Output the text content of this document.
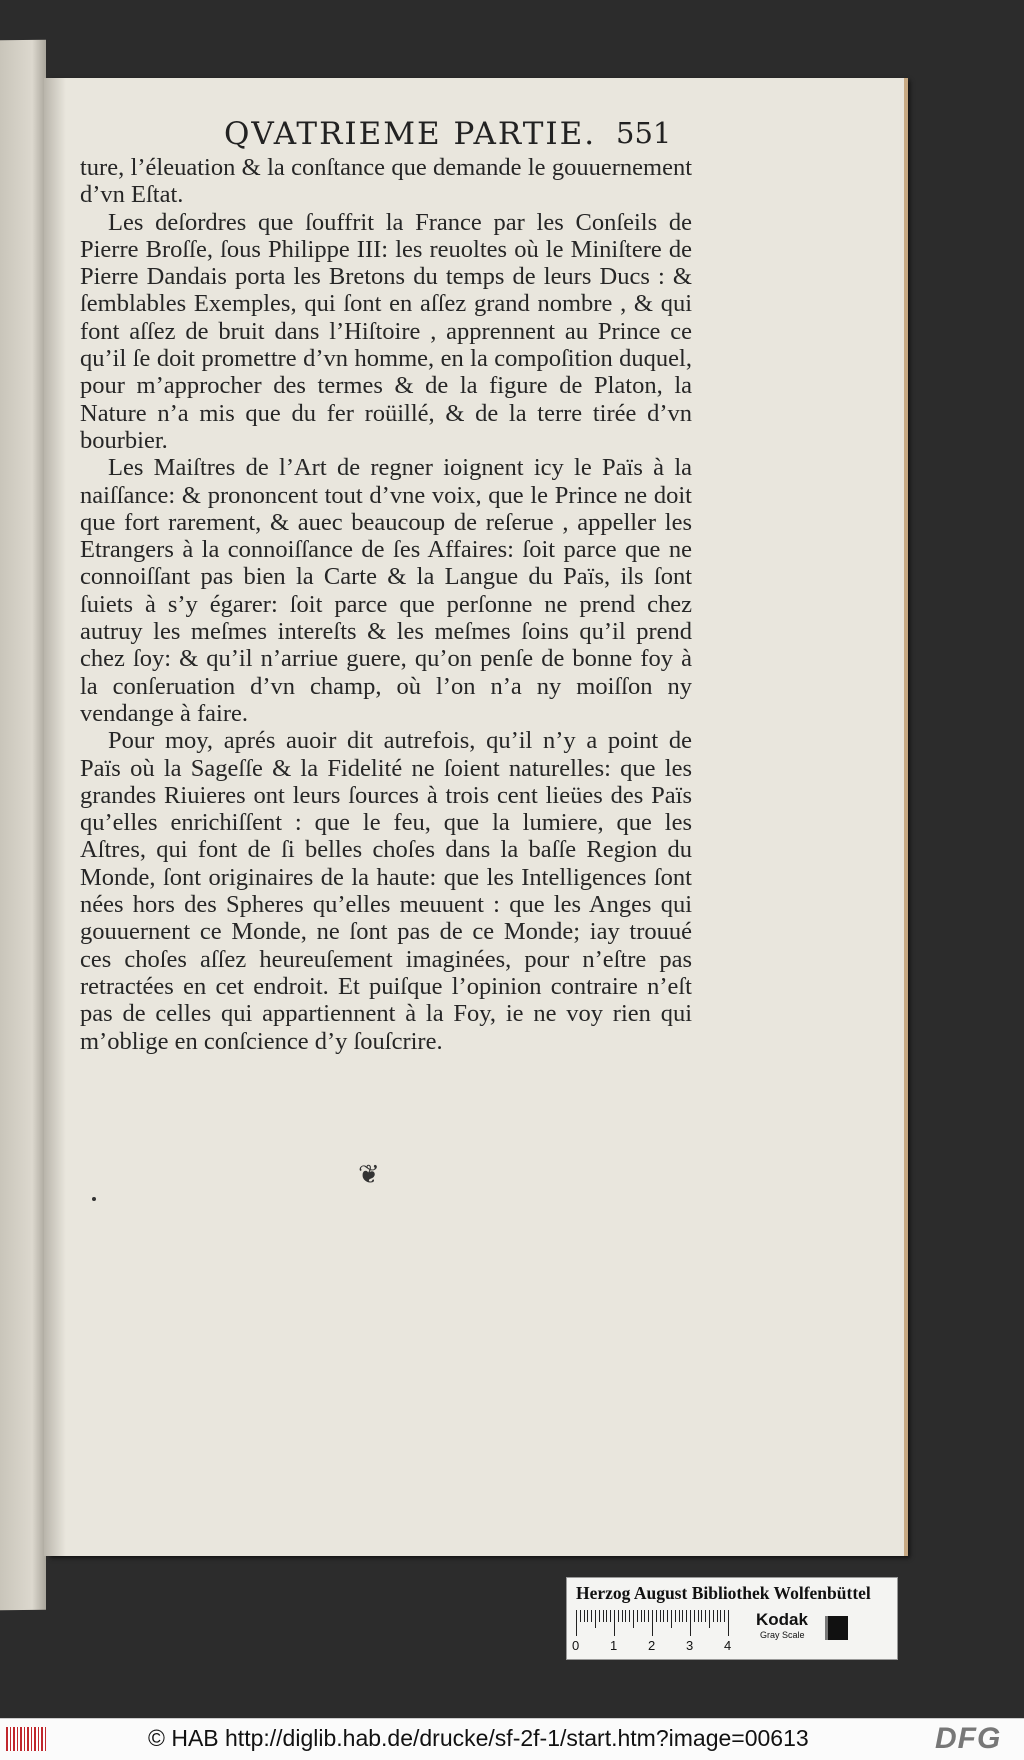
QVATRIEME PARTIE. 551

ture, l’éleuation & la conſtance que demande le gouuernement d’vn Eſtat.

Les deſordres que ſouffrit la France par les Conſeils de Pierre Broſſe, ſous Philippe III: les reuoltes où le Miniſtere de Pierre Dandais porta les Bretons du temps de leurs Ducs : & ſemblables Exemples, qui ſont en aſſez grand nombre , & qui font aſſez de bruit dans l’Hiſtoire , apprennent au Prince ce qu’il ſe doit promettre d’vn homme, en la compoſition duquel, pour m’approcher des termes & de la figure de Platon, la Nature n’a mis que du fer roüillé, & de la terre tirée d’vn bourbier.

Les Maiſtres de l’Art de regner ioignent icy le Païs à la naiſſance: & prononcent tout d’vne voix, que le Prince ne doit que fort rarement, & auec beaucoup de reſerue , appeller les Etrangers à la connoiſſance de ſes Affaires: ſoit parce que ne connoiſſant pas bien la Carte & la Langue du Païs, ils ſont ſuiets à s’y égarer: ſoit parce que perſonne ne prend chez autruy les meſmes intereſts & les meſmes ſoins qu’il prend chez ſoy: & qu’il n’arriue guere, qu’on penſe de bonne foy à la conſeruation d’vn champ, où l’on n’a ny moiſſon ny vendange à faire.

Pour moy, aprés auoir dit autrefois, qu’il n’y a point de Païs où la Sageſſe & la Fidelité ne ſoient naturelles: que les grandes Riuieres ont leurs ſources à trois cent lieües des Païs qu’elles enrichiſſent : que le feu, que la lumiere, que les Aſtres, qui font de ſi belles choſes dans la baſſe Region du Monde, ſont originaires de la haute: que les Intelligences ſont nées hors des Spheres qu’elles meuuent : que les Anges qui gouuernent ce Monde, ne ſont pas de ce Monde; iay trouué ces choſes aſſez heureuſement imaginées, pour n’eſtre pas retractées en cet endroit. Et puiſque l’opinion contraire n’eſt pas de celles qui appartiennent à la Foy, ie ne voy rien qui m’oblige en conſcience d’y ſouſcrire.

❦
Herzog August Bibliothek Wolfenbüttel
0 1 2 3 4
Kodak
Gray Scale
© HAB http://diglib.hab.de/drucke/sf-2f-1/start.htm?image=00613	DFG
